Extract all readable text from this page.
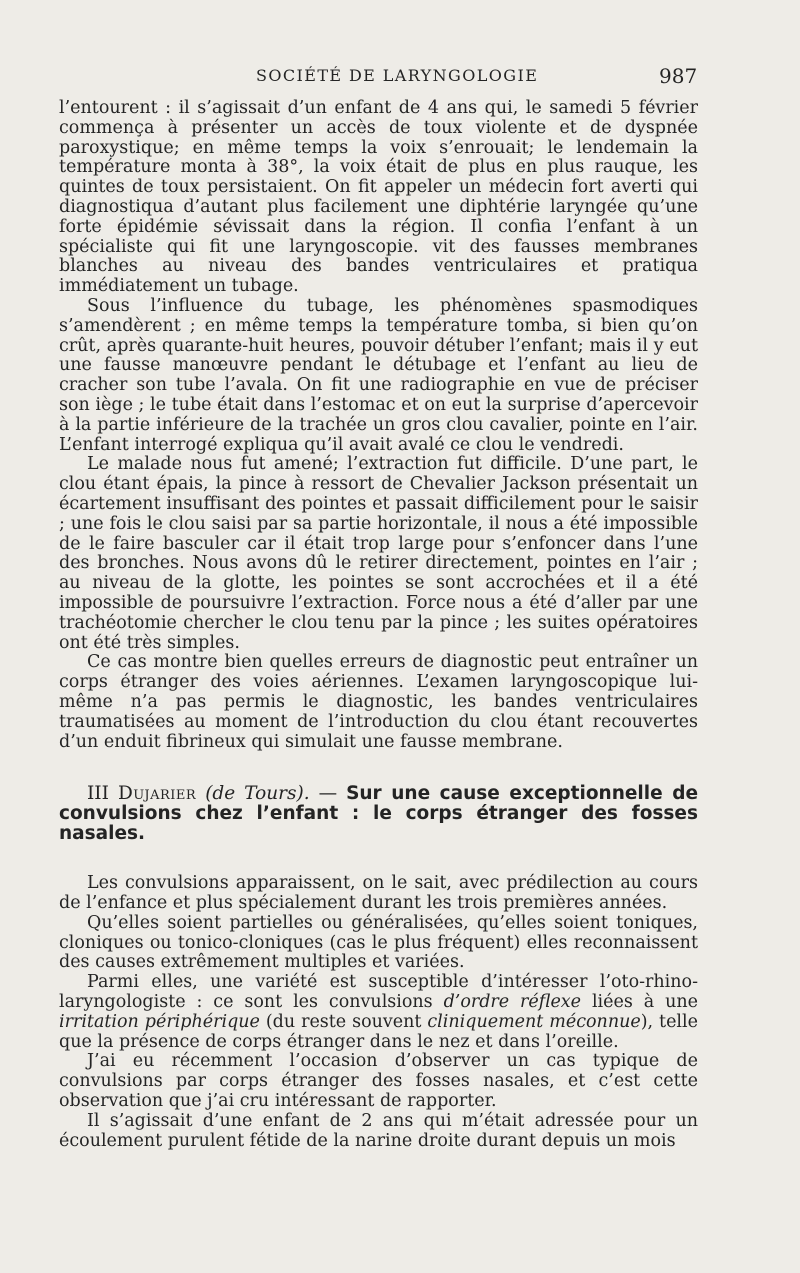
SOCIÉTÉ DE LARYNGOLOGIE	987

l’entourent : il s’agissait d’un enfant de 4 ans qui, le samedi 5 février commença à présenter un accès de toux violente et de dyspnée paroxystique; en même temps la voix s’enrouait; le lendemain la température monta à 38°, la voix était de plus en plus rauque, les quintes de toux persistaient. On fit appeler un médecin fort averti qui diagnostiqua d’autant plus facilement une diphtérie laryngée qu’une forte épidémie sévissait dans la région. Il confia l’enfant à un spécialiste qui fit une laryngoscopie. vit des fausses membranes blanches au niveau des bandes ventriculaires et pratiqua immédiatement un tubage.

Sous l’influence du tubage, les phénomènes spasmodiques s’amendèrent ; en même temps la température tomba, si bien qu’on crût, après quarante-huit heures, pouvoir détuber l’enfant; mais il y eut une fausse manœuvre pendant le détubage et l’enfant au lieu de cracher son tube l’avala. On fit une radiographie en vue de préciser son iège ; le tube était dans l’estomac et on eut la surprise d’apercevoir à la partie inférieure de la trachée un gros clou cavalier, pointe en l’air. L’enfant interrogé expliqua qu’il avait avalé ce clou le vendredi.

Le malade nous fut amené; l’extraction fut difficile. D’une part, le clou étant épais, la pince à ressort de Chevalier Jackson présentait un écartement insuffisant des pointes et passait difficilement pour le saisir ; une fois le clou saisi par sa partie horizontale, il nous a été impossible de le faire basculer car il était trop large pour s’enfoncer dans l’une des bronches. Nous avons dû le retirer directement, pointes en l’air ; au niveau de la glotte, les pointes se sont accrochées et il a été impossible de poursuivre l’extraction. Force nous a été d’aller par une trachéotomie chercher le clou tenu par la pince ; les suites opératoires ont été très simples.

Ce cas montre bien quelles erreurs de diagnostic peut entraîner un corps étranger des voies aériennes. L’examen laryngoscopique lui-même n’a pas permis le diagnostic, les bandes ventriculaires traumatisées au moment de l’introduction du clou étant recouvertes d’un enduit fibrineux qui simulait une fausse membrane.

III Dujarier (de Tours). — Sur une cause exceptionnelle de convulsions chez l’enfant : le corps étranger des fosses nasales.

Les convulsions apparaissent, on le sait, avec prédilection au cours de l’enfance et plus spécialement durant les trois premières années.

Qu’elles soient partielles ou généralisées, qu’elles soient toniques, cloniques ou tonico-cloniques (cas le plus fréquent) elles reconnaissent des causes extrêmement multiples et variées.

Parmi elles, une variété est susceptible d’intéresser l’oto-rhino-laryngologiste : ce sont les convulsions d’ordre réflexe liées à une irritation périphérique (du reste souvent cliniquement méconnue), telle que la présence de corps étranger dans le nez et dans l’oreille.

J’ai eu récemment l’occasion d’observer un cas typique de convulsions par corps étranger des fosses nasales, et c’est cette observation que j’ai cru intéressant de rapporter.

Il s’agissait d’une enfant de 2 ans qui m’était adressée pour un écoulement purulent fétide de la narine droite durant depuis un mois
